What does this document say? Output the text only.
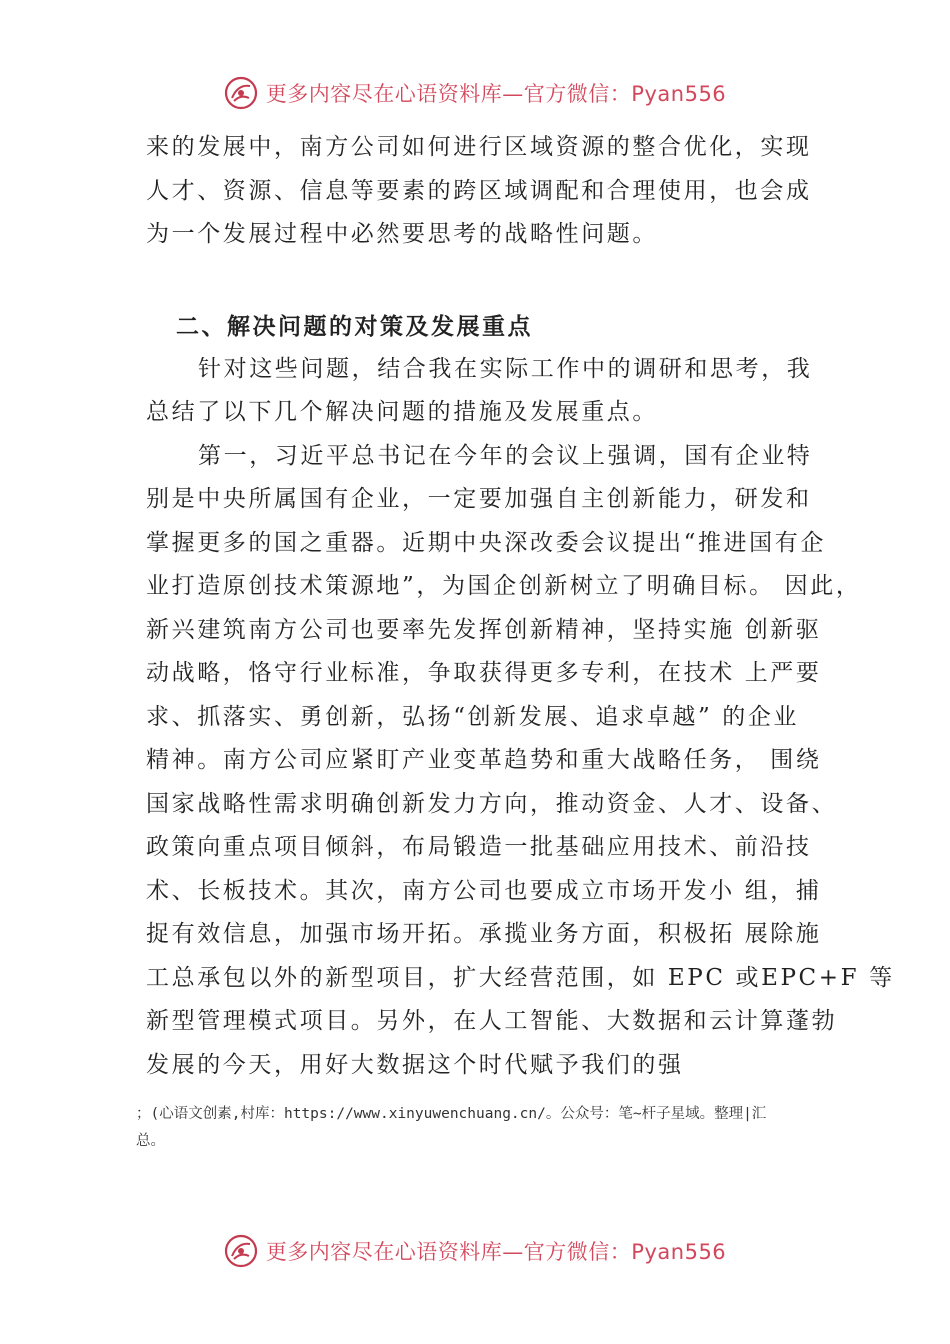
更多内容尽在心语资料库—官方微信：Pyan556
来的发展中，南方公司如何进行区域资源的整合优化，实现
人才、资源、信息等要素的跨区域调配和合理使用，也会成
为一个发展过程中必然要思考的战略性问题。
二、解决问题的对策及发展重点
针对这些问题，结合我在实际工作中的调研和思考，我
总结了以下几个解决问题的措施及发展重点。
第一，习近平总书记在今年的会议上强调，国有企业特
别是中央所属国有企业，一定要加强自主创新能力，研发和
掌握更多的国之重器。近期中央深改委会议提出“推进国有企
业打造原创技术策源地”，为国企创新树立了明确目标。 因此，
新兴建筑南方公司也要率先发挥创新精神，坚持实施 创新驱
动战略，恪守行业标准，争取获得更多专利，在技术 上严要
求、抓落实、勇创新，弘扬“创新发展、追求卓越” 的企业
精神。南方公司应紧盯产业变革趋势和重大战略任务， 围绕
国家战略性需求明确创新发力方向，推动资金、人才、设备、
政策向重点项目倾斜，布局锻造一批基础应用技术、前沿技
术、长板技术。其次，南方公司也要成立市场开发小 组，捕
捉有效信息，加强市场开拓。承揽业务方面，积极拓 展除施
工总承包以外的新型项目，扩大经营范围，如 EPC 或EPC+F 等
新型管理模式项目。另外，在人工智能、大数据和云计算蓬勃
发展的今天，用好大数据这个时代赋予我们的强
；(心语文创素,村库：https://www.xinyuwenchuang.cn/。公众号：笔~杆子星域。整理|汇
总。
更多内容尽在心语资料库—官方微信：Pyan556
